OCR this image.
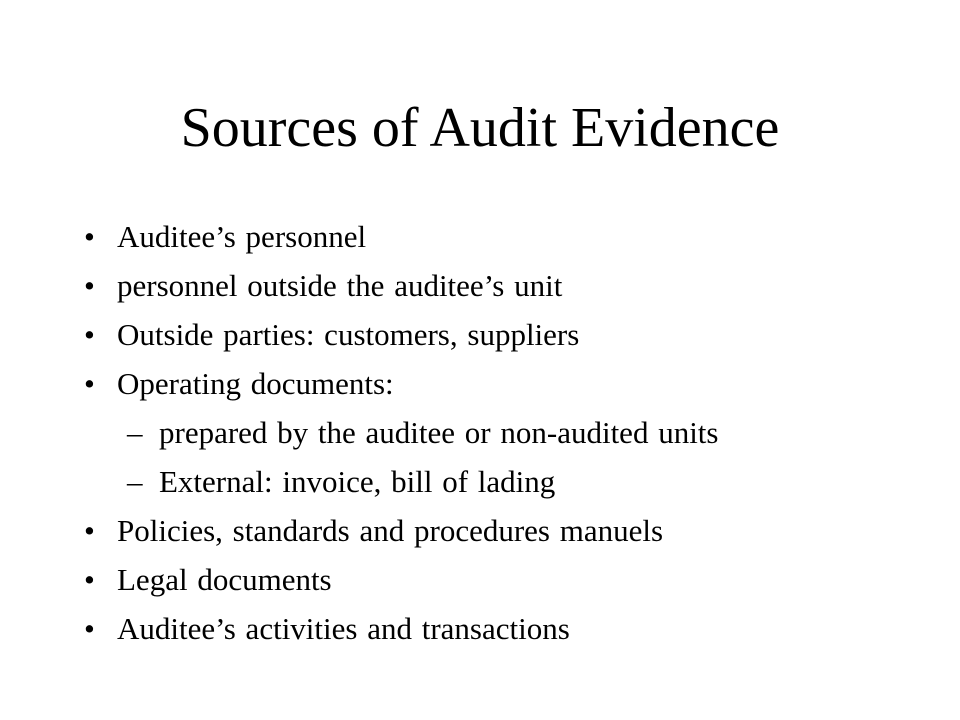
Sources of Audit Evidence
• Auditee’s personnel
• personnel outside the auditee’s unit
• Outside parties: customers, suppliers
• Operating documents:
– prepared by the auditee or non-audited units
– External: invoice, bill of lading
• Policies, standards and procedures manuels
• Legal documents
• Auditee’s activities and transactions
